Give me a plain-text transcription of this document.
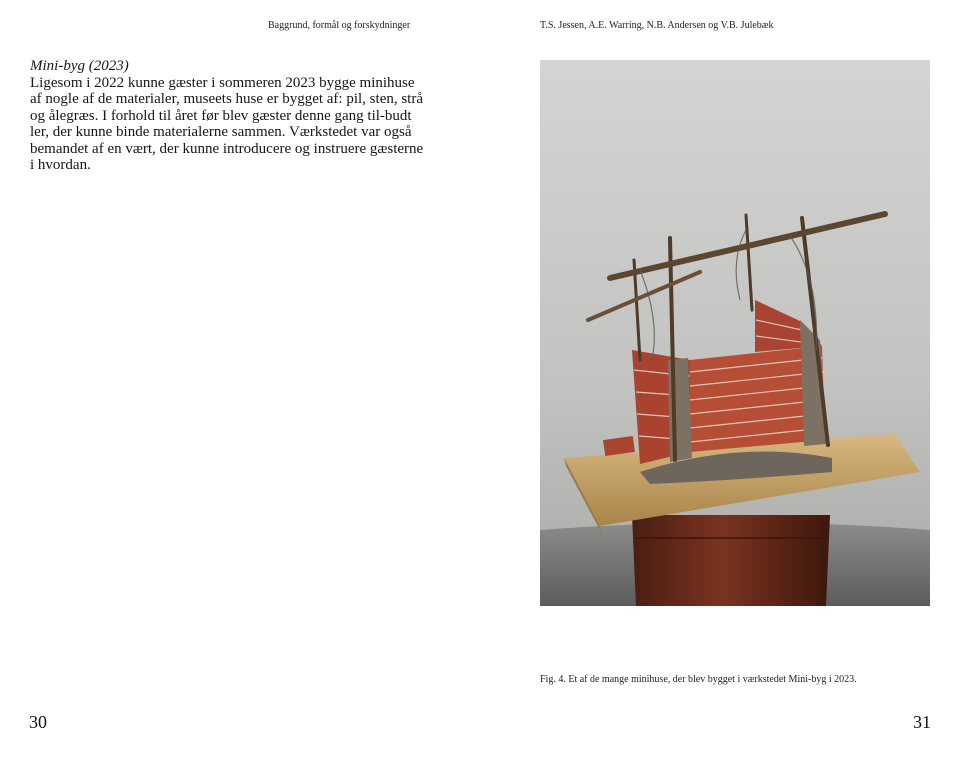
Baggrund, formål og forskydninger	T.S. Jessen, A.E. Warring, N.B. Andersen og V.B. Julebæk

Mini-byg (2023)

Ligesom i 2022 kunne gæster i sommeren 2023 bygge minihuse af nogle af de materialer, museets huse er bygget af: pil, sten, strå og ålegræs. I forhold til året før blev gæster denne gang til-budt ler, der kunne binde materialerne sammen. Værkstedet var også bemandet af en vært, der kunne introducere og instruere gæsterne i hvordan.

Fig. 4. Et af de mange minihuse, der blev bygget i værkstedet Mini-byg i 2023.
30	31
